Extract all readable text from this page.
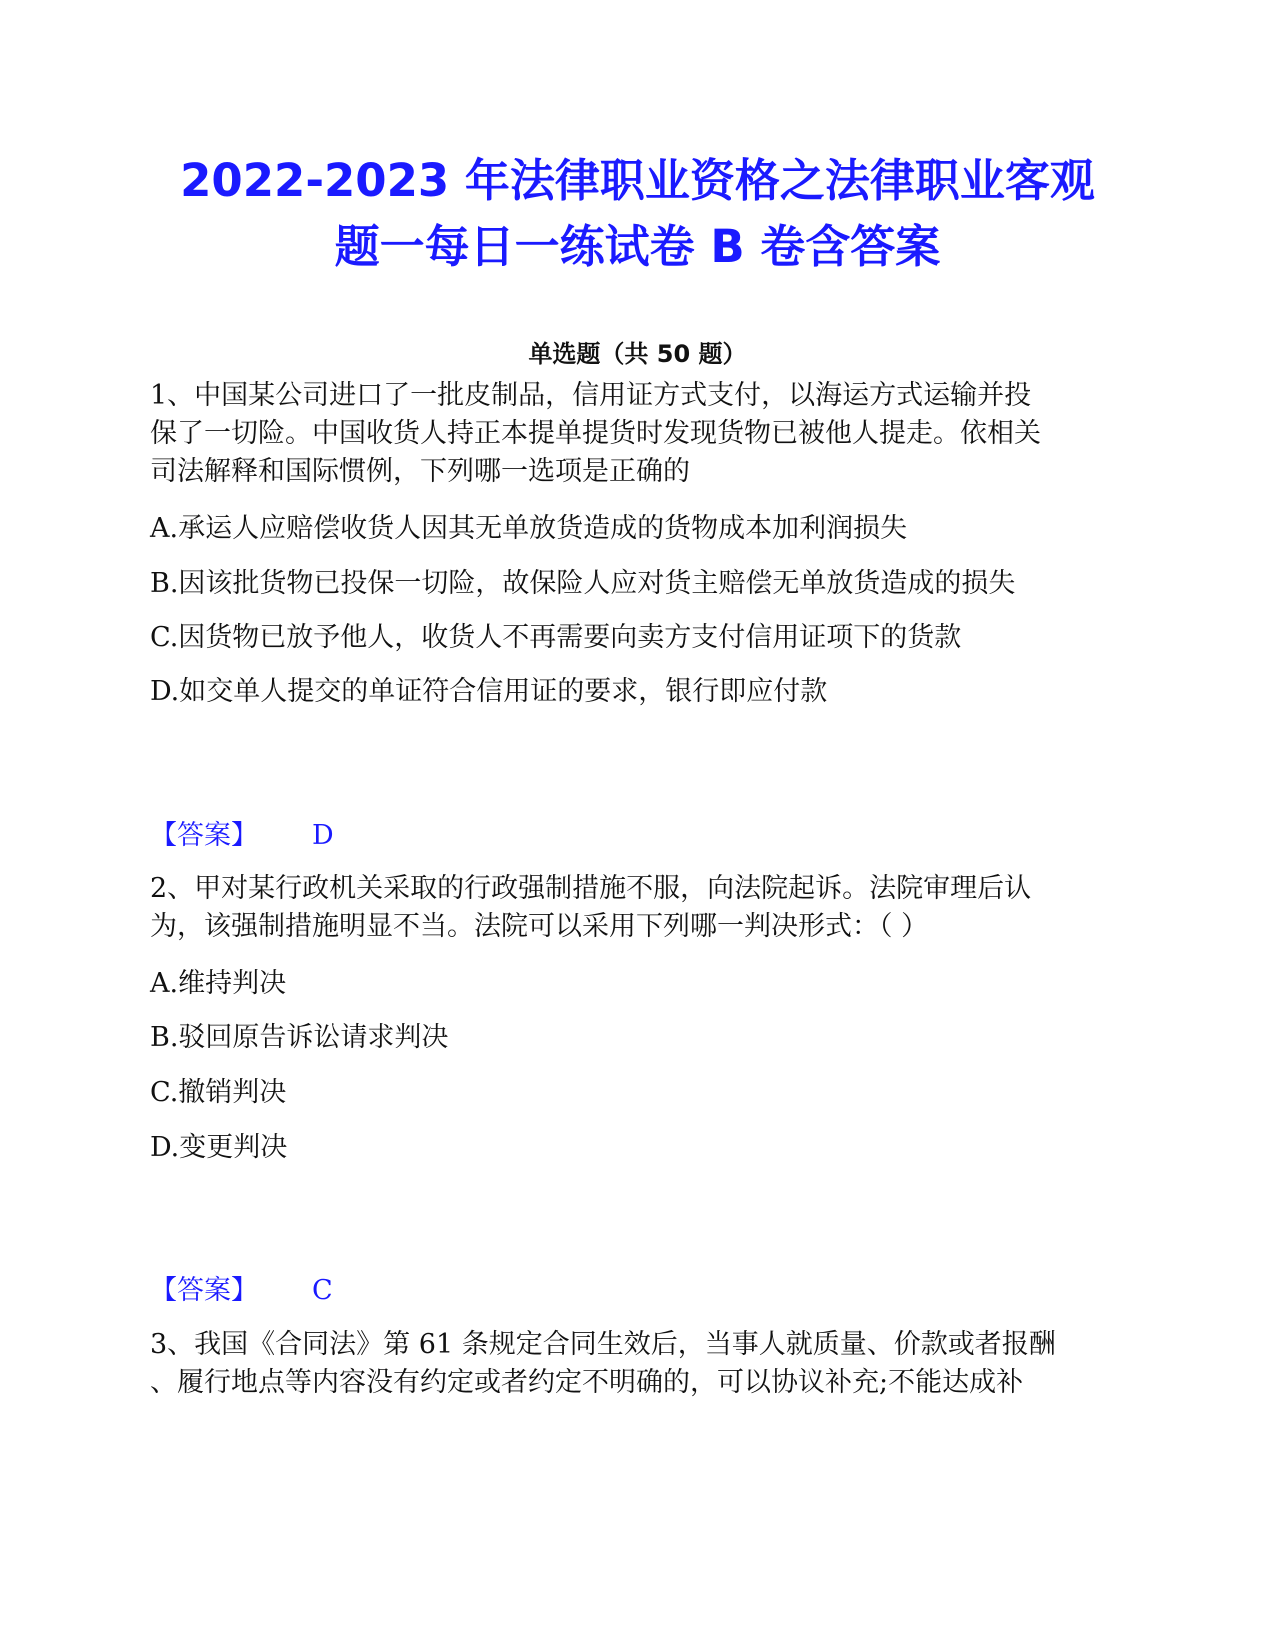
2022-2023 年法律职业资格之法律职业客观
题一每日一练试卷 B 卷含答案
单选题（共 50 题）
1、中国某公司进口了一批皮制品，信用证方式支付，以海运方式运输并投
保了一切险。中国收货人持正本提单提货时发现货物已被他人提走。依相关
司法解释和国际惯例，下列哪一选项是正确的
A.承运人应赔偿收货人因其无单放货造成的货物成本加利润损失
B.因该批货物已投保一切险，故保险人应对货主赔偿无单放货造成的损失
C.因货物已放予他人，收货人不再需要向卖方支付信用证项下的货款
D.如交单人提交的单证符合信用证的要求，银行即应付款
【答案】 D
2、甲对某行政机关采取的行政强制措施不服，向法院起诉。法院审理后认
为，该强制措施明显不当。法院可以采用下列哪一判决形式：（ ）
A.维持判决
B.驳回原告诉讼请求判决
C.撤销判决
D.变更判决
【答案】 C
3、我国《合同法》第 61 条规定合同生效后，当事人就质量、价款或者报酬
、履行地点等内容没有约定或者约定不明确的，可以协议补充;不能达成补
